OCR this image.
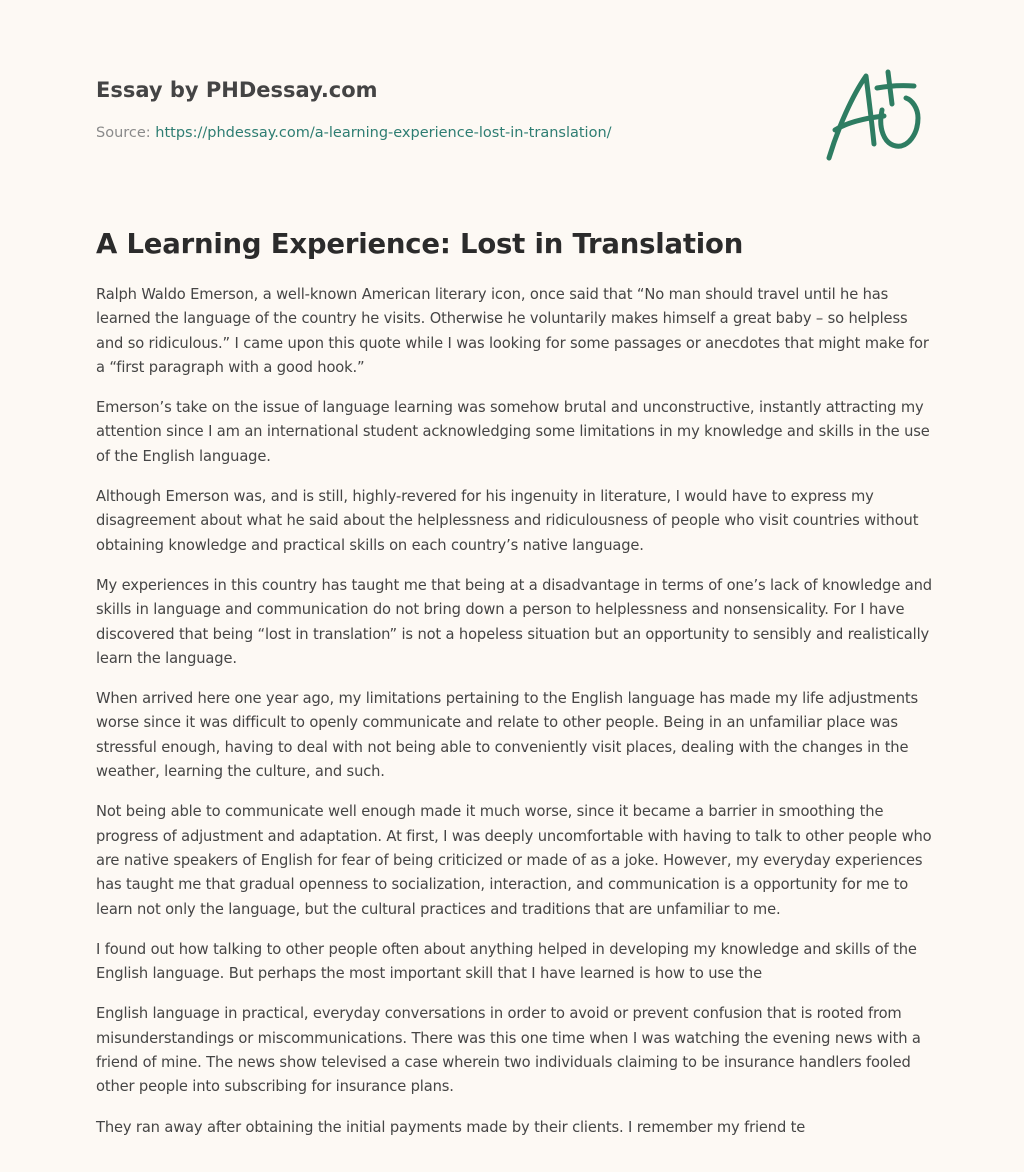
Essay by PHDessay.com
Source: https://phdessay.com/a-learning-experience-lost-in-translation/
A Learning Experience: Lost in Translation

Ralph Waldo Emerson, a well-known American literary icon, once said that “No man should travel until he has learned the language of the country he visits. Otherwise he voluntarily makes himself a great baby – so helpless and so ridiculous.” I came upon this quote while I was looking for some passages or anecdotes that might make for a “first paragraph with a good hook.”

Emerson’s take on the issue of language learning was somehow brutal and unconstructive, instantly attracting my attention since I am an international student acknowledging some limitations in my knowledge and skills in the use of the English language.

Although Emerson was, and is still, highly-revered for his ingenuity in literature, I would have to express my disagreement about what he said about the helplessness and ridiculousness of people who visit countries without obtaining knowledge and practical skills on each country’s native language.

My experiences in this country has taught me that being at a disadvantage in terms of one’s lack of knowledge and skills in language and communication do not bring down a person to helplessness and nonsensicality. For I have discovered that being “lost in translation” is not a hopeless situation but an opportunity to sensibly and realistically learn the language.

When arrived here one year ago, my limitations pertaining to the English language has made my life adjustments worse since it was difficult to openly communicate and relate to other people. Being in an unfamiliar place was stressful enough, having to deal with not being able to conveniently visit places, dealing with the changes in the weather, learning the culture, and such.

Not being able to communicate well enough made it much worse, since it became a barrier in smoothing the progress of adjustment and adaptation. At first, I was deeply uncomfortable with having to talk to other people who are native speakers of English for fear of being criticized or made of as a joke. However, my everyday experiences has taught me that gradual openness to socialization, interaction, and communication is a opportunity for me to learn not only the language, but the cultural practices and traditions that are unfamiliar to me.

I found out how talking to other people often about anything helped in developing my knowledge and skills of the English language. But perhaps the most important skill that I have learned is how to use the

English language in practical, everyday conversations in order to avoid or prevent confusion that is rooted from misunderstandings or miscommunications. There was this one time when I was watching the evening news with a friend of mine. The news show televised a case wherein two individuals claiming to be insurance handlers fooled other people into subscribing for insurance plans.

They ran away after obtaining the initial payments made by their clients. I remember my friend te
